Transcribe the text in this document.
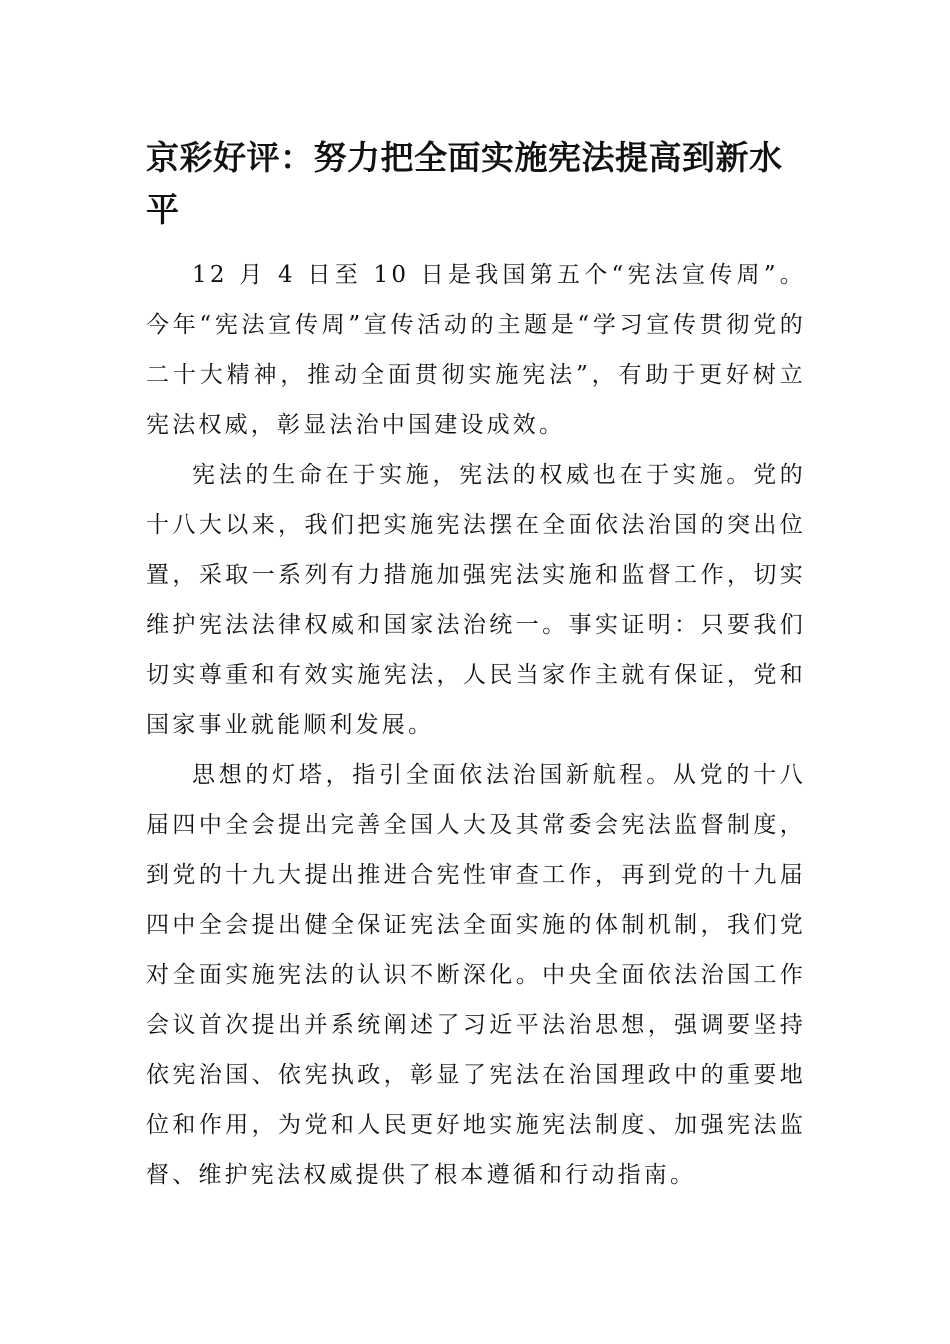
京彩好评：努力把全面实施宪法提高到新水平

12 月 4 日至 10 日是我国第五个“宪法宣传周”。今年“宪法宣传周”宣传活动的主题是“学习宣传贯彻党的二十大精神，推动全面贯彻实施宪法”，有助于更好树立宪法权威，彰显法治中国建设成效。

宪法的生命在于实施，宪法的权威也在于实施。党的十八大以来，我们把实施宪法摆在全面依法治国的突出位置，采取一系列有力措施加强宪法实施和监督工作，切实维护宪法法律权威和国家法治统一。事实证明：只要我们切实尊重和有效实施宪法，人民当家作主就有保证，党和国家事业就能顺利发展。

思想的灯塔，指引全面依法治国新航程。从党的十八届四中全会提出完善全国人大及其常委会宪法监督制度，到党的十九大提出推进合宪性审查工作，再到党的十九届四中全会提出健全保证宪法全面实施的体制机制，我们党对全面实施宪法的认识不断深化。中央全面依法治国工作会议首次提出并系统阐述了习近平法治思想，强调要坚持依宪治国、依宪执政，彰显了宪法在治国理政中的重要地位和作用，为党和人民更好地实施宪法制度、加强宪法监督、维护宪法权威提供了根本遵循和行动指南。
